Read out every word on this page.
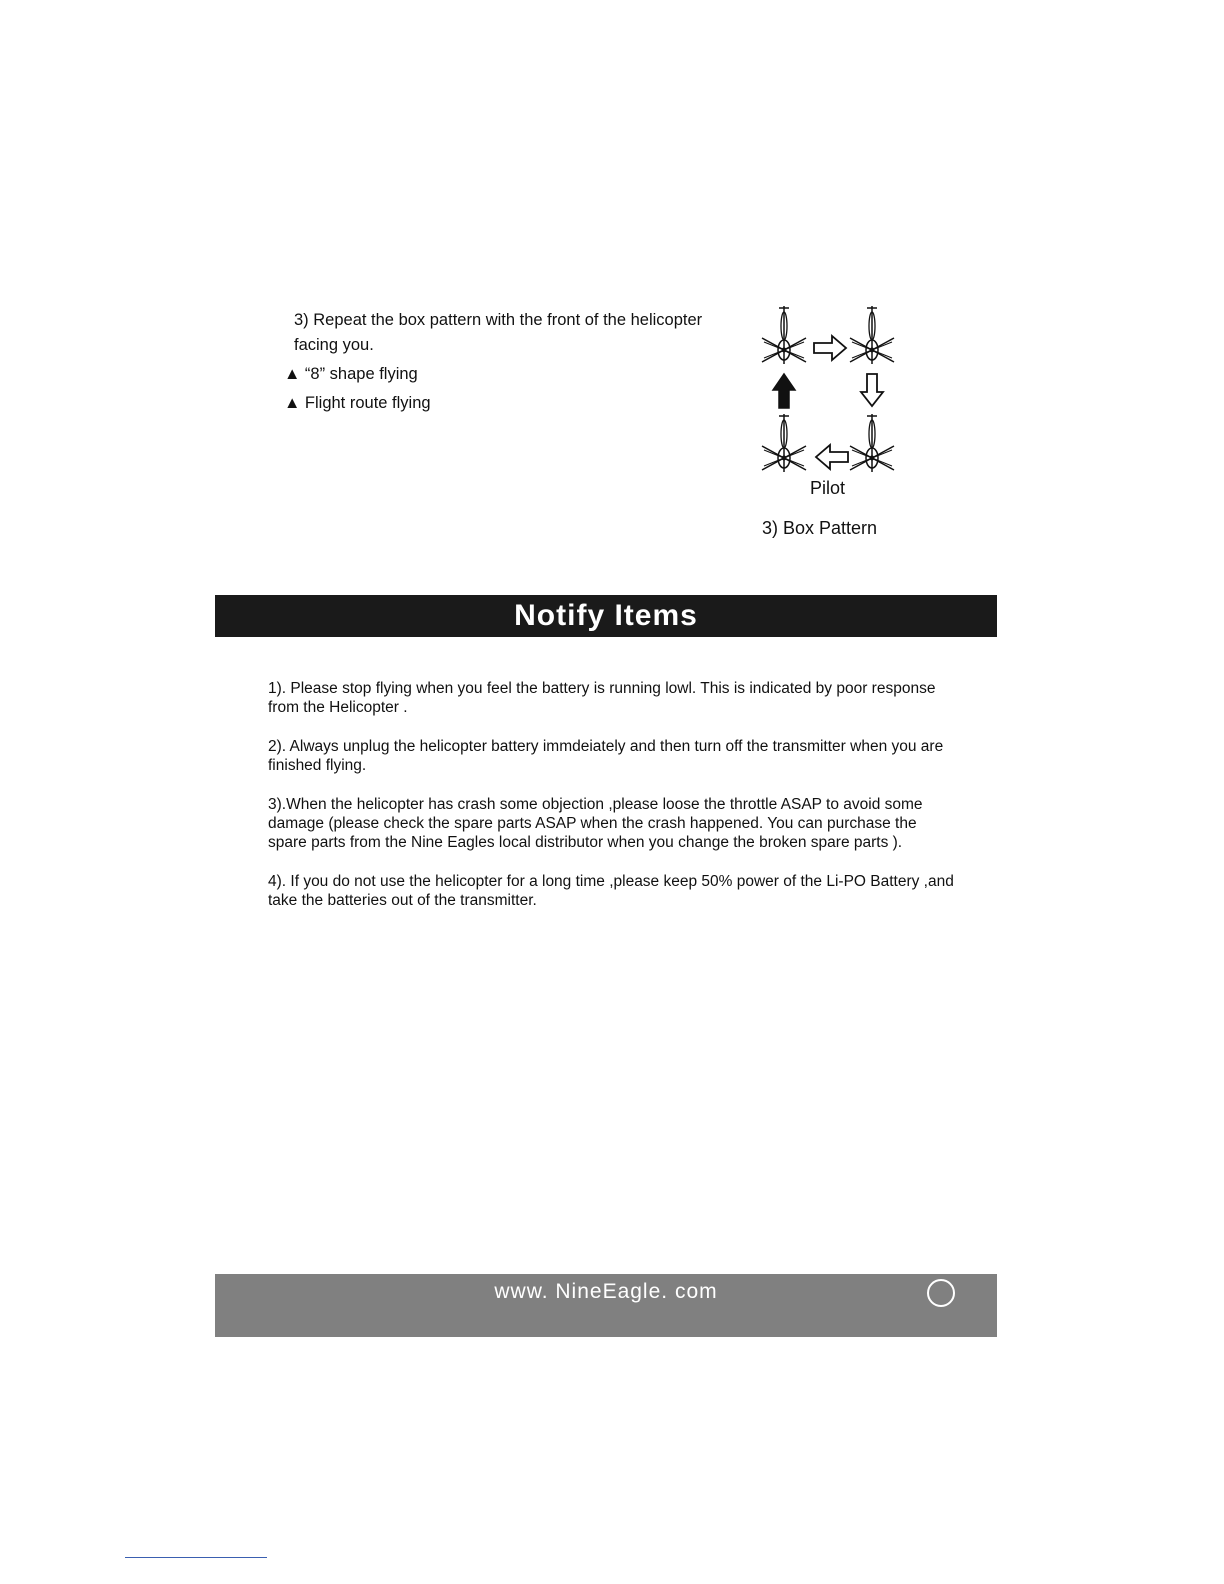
3) Repeat the box pattern with the front of the helicopter facing you.

▲ “8” shape flying

▲ Flight route flying

Pilot
3) Box Pattern
Notify Items

1). Please stop flying when you feel the battery is running lowl. This is indicated by poor response from the Helicopter .

2). Always unplug the helicopter battery immdeiately and then turn off the transmitter when you are finished flying.

3).When the helicopter has crash some objection ,please loose the throttle ASAP to avoid some damage (please check the spare parts ASAP when the crash happened. You can purchase the spare parts from the Nine Eagles local distributor when you change the broken spare parts ).

4). If you do not use the helicopter for a long time ,please keep 50% power of the Li-PO Battery ,and take the batteries out of the transmitter.

www. NineEagle. com
